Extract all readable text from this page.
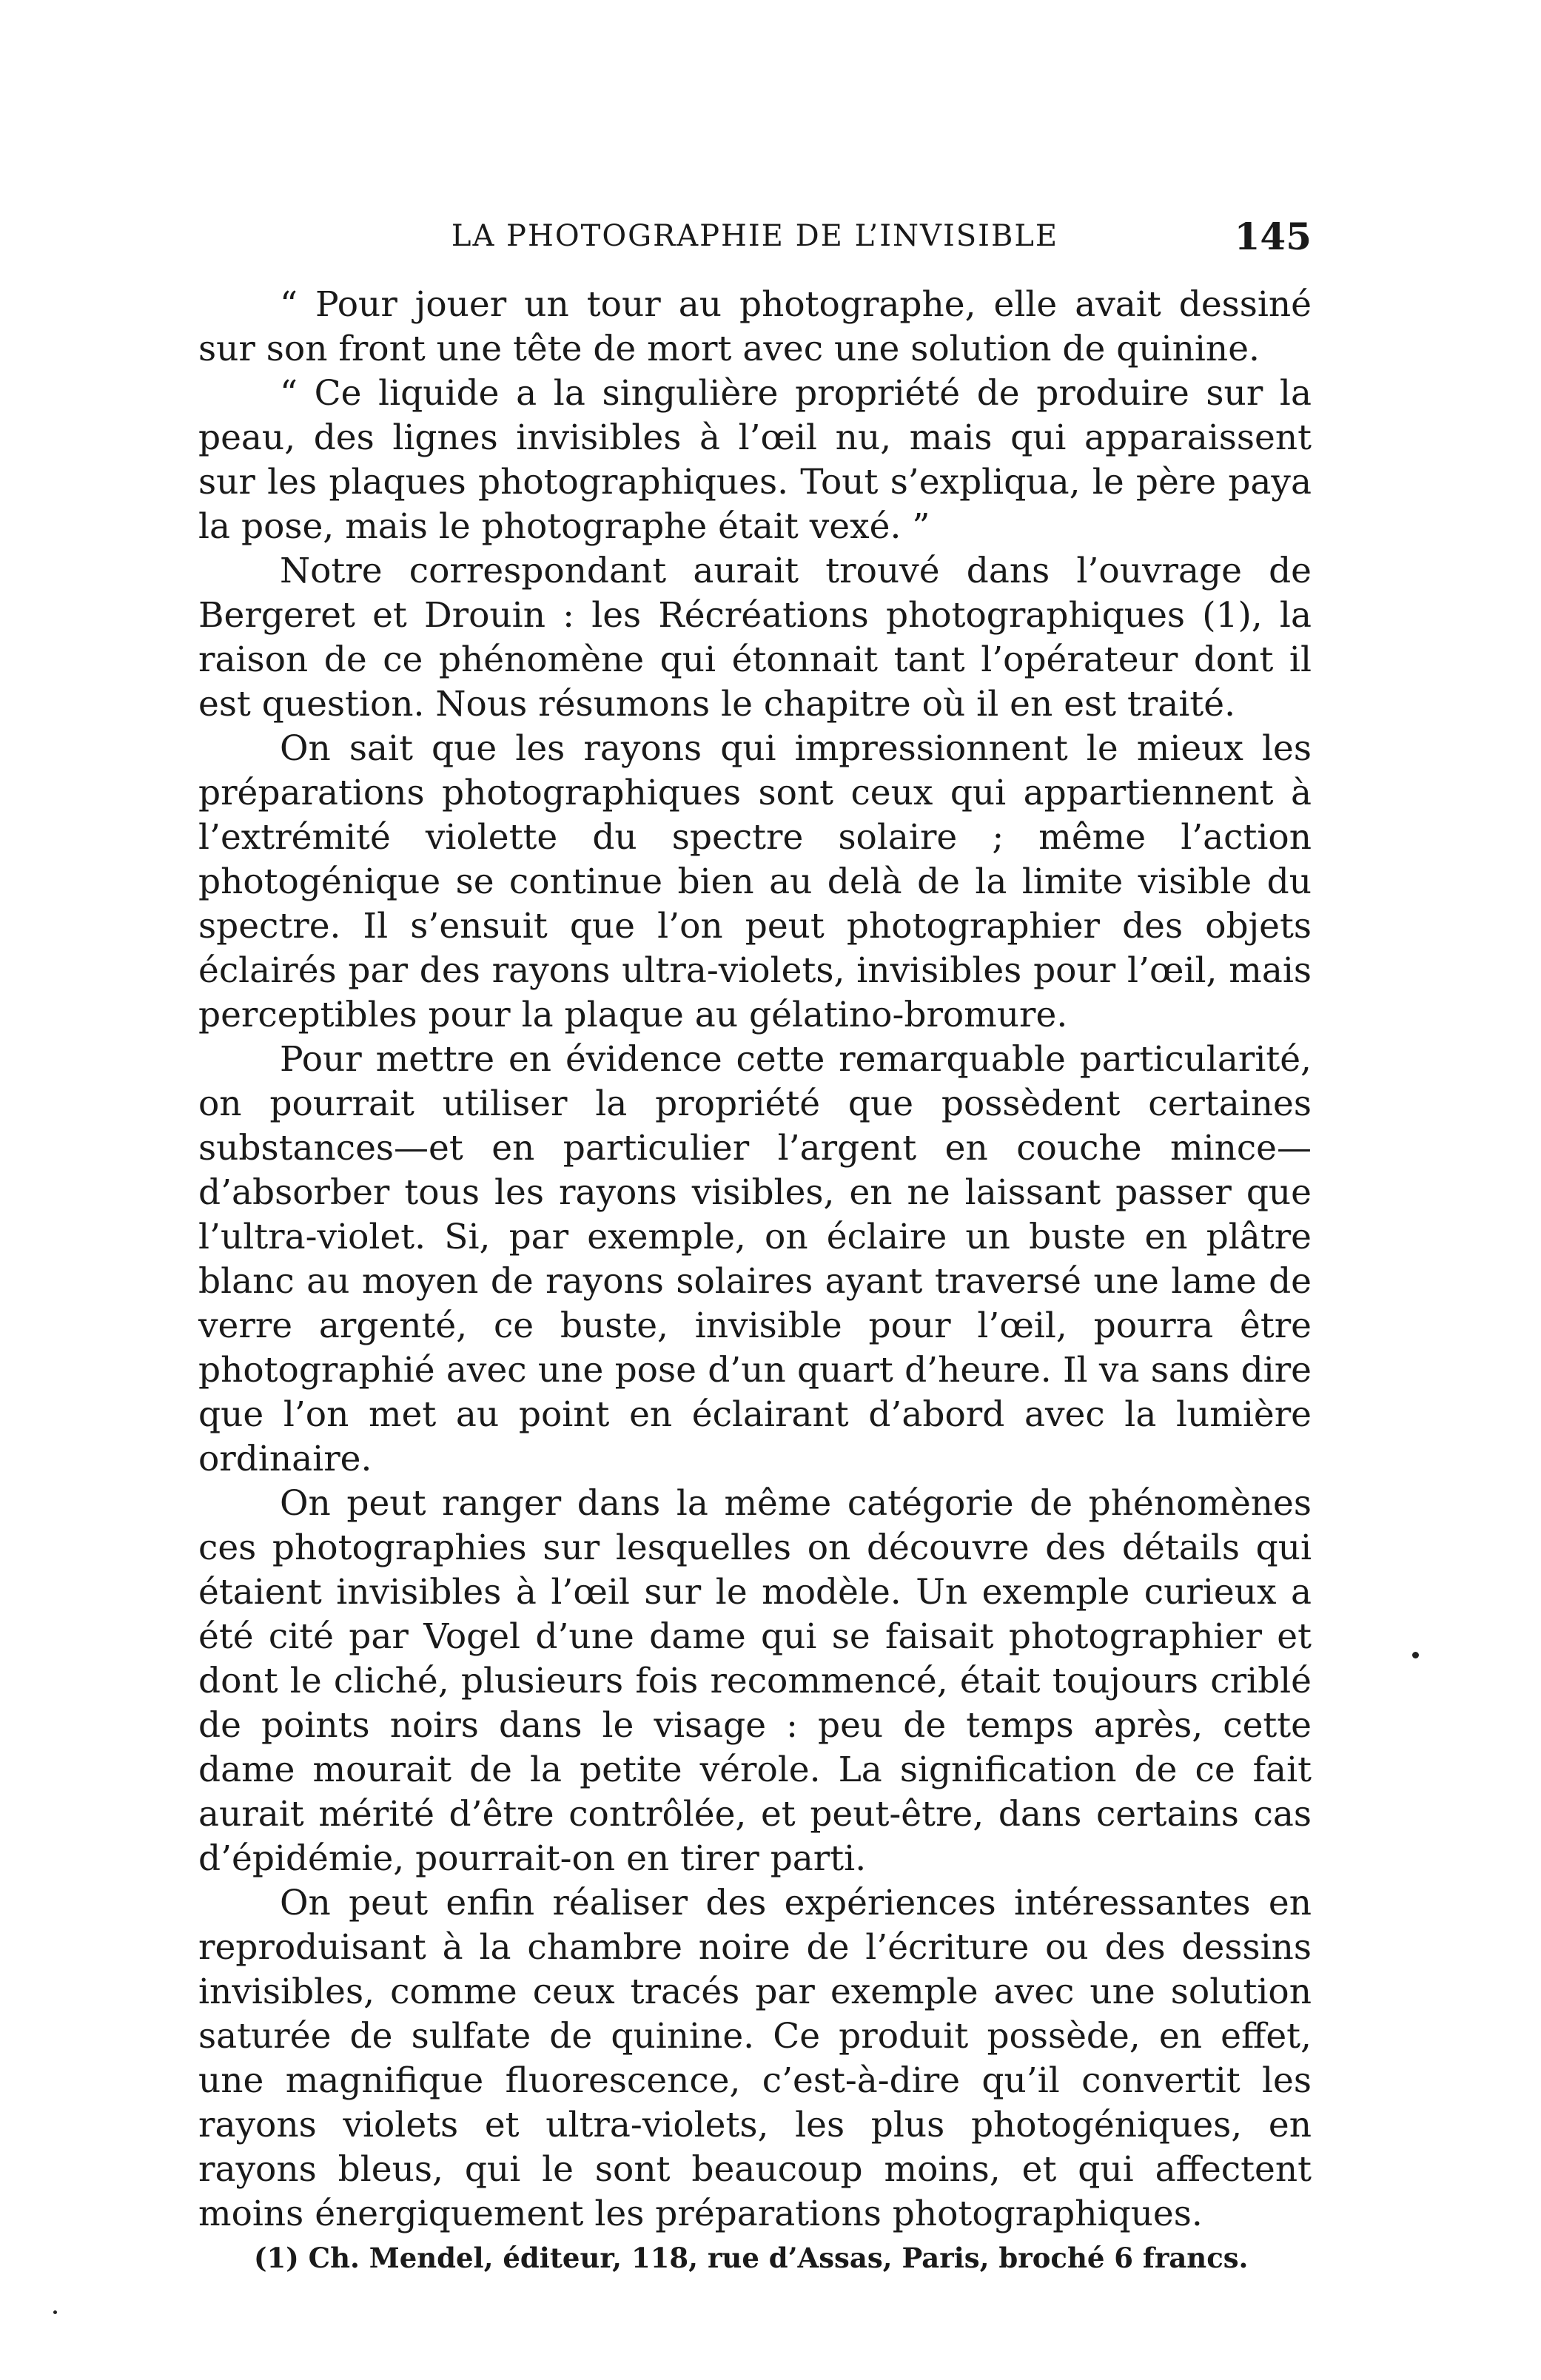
LA PHOTOGRAPHIE DE L’INVISIBLE	145

“ Pour jouer un tour au photographe, elle avait dessiné sur son front une tête de mort avec une solution de quinine.

“ Ce liquide a la singulière propriété de produire sur la peau, des lignes invisibles à l’œil nu, mais qui apparaissent sur les plaques photographiques. Tout s’expliqua, le père paya la pose, mais le photographe était vexé. ”

Notre correspondant aurait trouvé dans l’ouvrage de Bergeret et Drouin : les Récréations photographiques (1), la raison de ce phénomène qui étonnait tant l’opérateur dont il est question. Nous résumons le chapitre où il en est traité.

On sait que les rayons qui impressionnent le mieux les préparations photographiques sont ceux qui appartiennent à l’extrémité violette du spectre solaire ; même l’action photogénique se continue bien au delà de la limite visible du spectre. Il s’ensuit que l’on peut photographier des objets éclairés par des rayons ultra-violets, invisibles pour l’œil, mais perceptibles pour la plaque au gélatino-bromure.

Pour mettre en évidence cette remarquable particularité, on pourrait utiliser la propriété que possèdent certaines substances—et en particulier l’argent en couche mince—d’absorber tous les rayons visibles, en ne laissant passer que l’ultra-violet. Si, par exemple, on éclaire un buste en plâtre blanc au moyen de rayons solaires ayant traversé une lame de verre argenté, ce buste, invisible pour l’œil, pourra être photographié avec une pose d’un quart d’heure. Il va sans dire que l’on met au point en éclairant d’abord avec la lumière ordinaire.

On peut ranger dans la même catégorie de phénomènes ces photographies sur lesquelles on découvre des détails qui étaient invisibles à l’œil sur le modèle. Un exemple curieux a été cité par Vogel d’une dame qui se faisait photographier et dont le cliché, plusieurs fois recommencé, était toujours criblé de points noirs dans le visage : peu de temps après, cette dame mourait de la petite vérole. La signification de ce fait aurait mérité d’être contrôlée, et peut-être, dans certains cas d’épidémie, pourrait-on en tirer parti.

On peut enfin réaliser des expériences intéressantes en reproduisant à la chambre noire de l’écriture ou des dessins invisibles, comme ceux tracés par exemple avec une solution saturée de sulfate de quinine. Ce produit possède, en effet, une magnifique fluorescence, c’est-à-dire qu’il convertit les rayons violets et ultra-violets, les plus photogéniques, en rayons bleus, qui le sont beaucoup moins, et qui affectent moins énergiquement les préparations photographiques.

(1) Ch. Mendel, éditeur, 118, rue d’Assas, Paris, broché 6 francs.
